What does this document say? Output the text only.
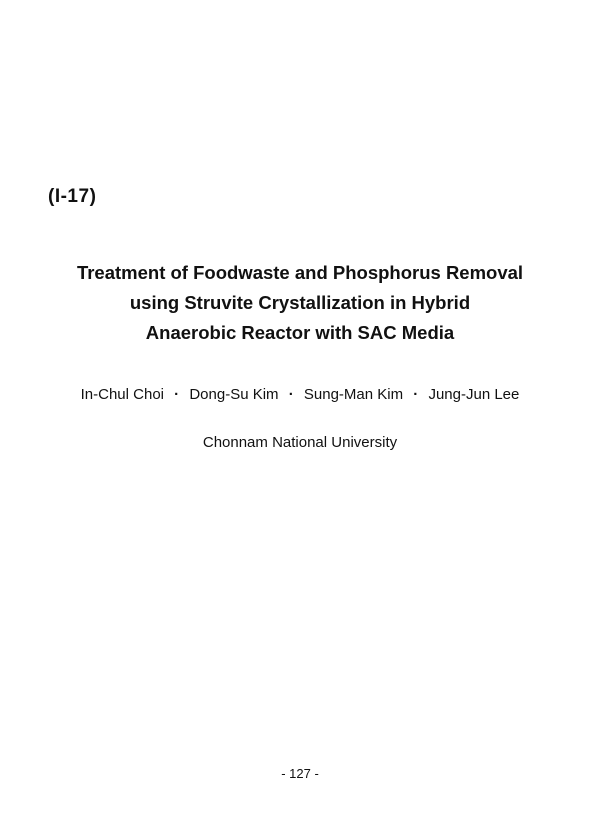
(I-17)
Treatment of Foodwaste and Phosphorus Removal
using Struvite Crystallization in Hybrid
Anaerobic Reactor with SAC Media
In-Chul Choi · Dong-Su Kim · Sung-Man Kim · Jung-Jun Lee
Chonnam National University
- 127 -
